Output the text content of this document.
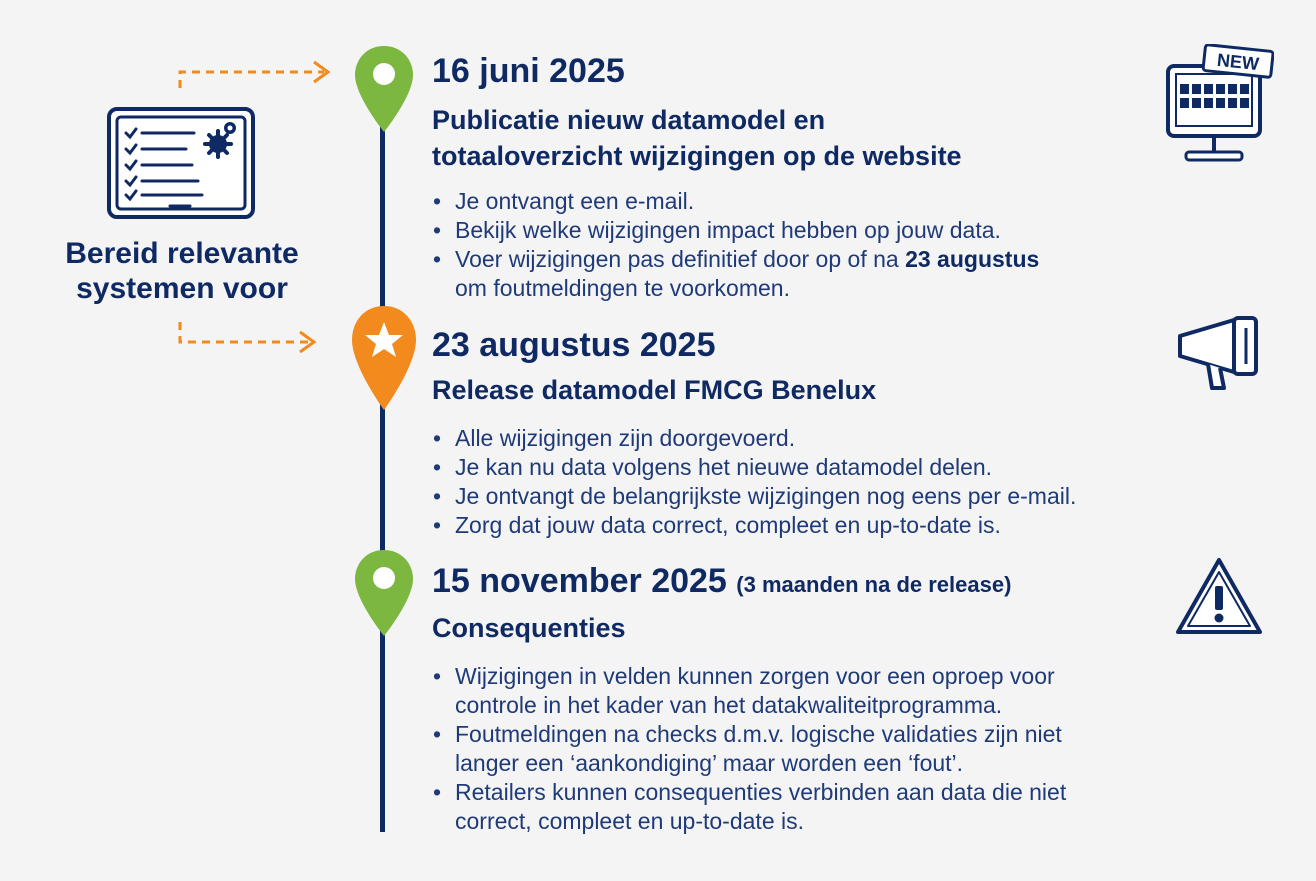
Bereid relevante
systemen voor
16 juni 2025
Publicatie nieuw datamodel en
totaaloverzicht wijzigingen op de website
• Je ontvangt een e-mail.
• Bekijk welke wijzigingen impact hebben op jouw data.
• Voer wijzigingen pas definitief door op of na 23 augustus
om foutmeldingen te voorkomen.
NEW
23 augustus 2025
Release datamodel FMCG Benelux
• Alle wijzigingen zijn doorgevoerd.
• Je kan nu data volgens het nieuwe datamodel delen.
• Je ontvangt de belangrijkste wijzigingen nog eens per e-mail.
• Zorg dat jouw data correct, compleet en up-to-date is.
15 november 2025 (3 maanden na de release)
Consequenties
• Wijzigingen in velden kunnen zorgen voor een oproep voor
controle in het kader van het datakwaliteitprogramma.
• Foutmeldingen na checks d.m.v. logische validaties zijn niet
langer een ‘aankondiging’ maar worden een ‘fout’.
• Retailers kunnen consequenties verbinden aan data die niet
correct, compleet en up-to-date is.
